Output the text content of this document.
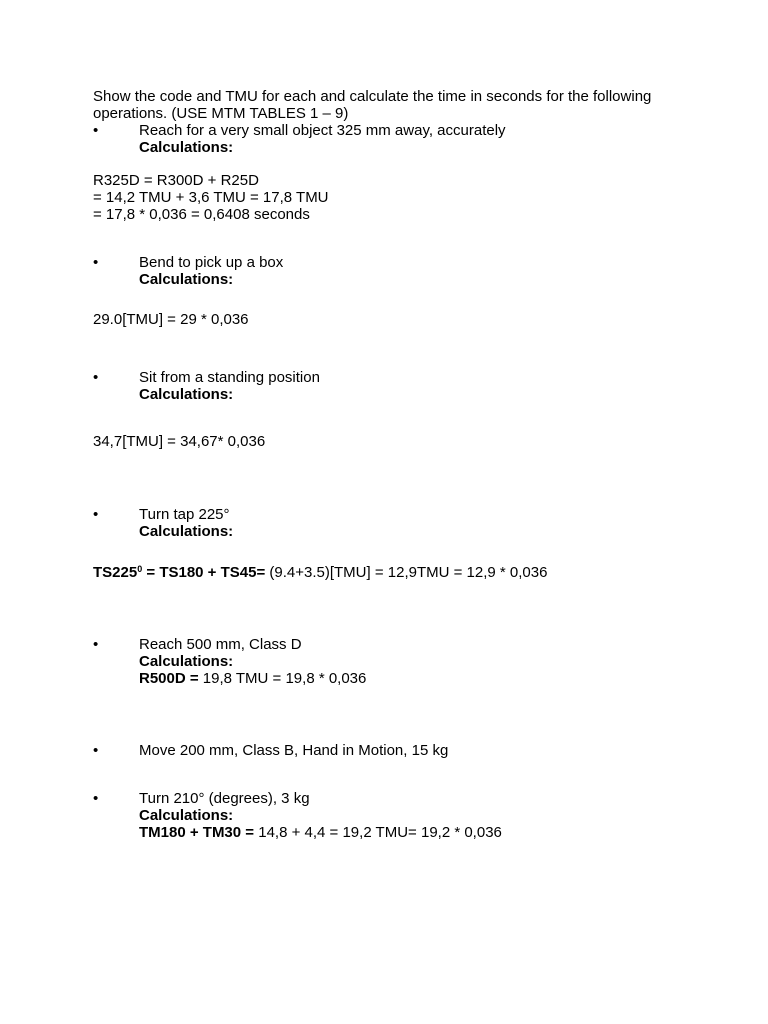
Show the code and TMU for each and calculate the time in seconds for the following
operations. (USE MTM TABLES 1 – 9)
•	Reach for a very small object 325 mm away, accurately
Calculations:
R325D = R300D + R25D
= 14,2 TMU + 3,6 TMU = 17,8 TMU
= 17,8 * 0,036 = 0,6408 seconds
•	Bend to pick up a box
Calculations:
29.0[TMU] = 29 * 0,036
•	Sit from a standing position
Calculations:
34,7[TMU] = 34,67* 0,036
•	Turn tap 225°
Calculations:
$TS225^0 = TS180 + TS45= (9.4+3.5)[TMU] = 12,9TMU = 12,9 * 0,036$
•	Reach 500 mm, Class D
Calculations:
R500D = 19,8 TMU = 19,8 * 0,036
•	Move 200 mm, Class B, Hand in Motion, 15 kg
•	Turn 210° (degrees), 3 kg
Calculations:
TM180 + TM30 = 14,8 + 4,4 = 19,2 TMU= 19,2 * 0,036
